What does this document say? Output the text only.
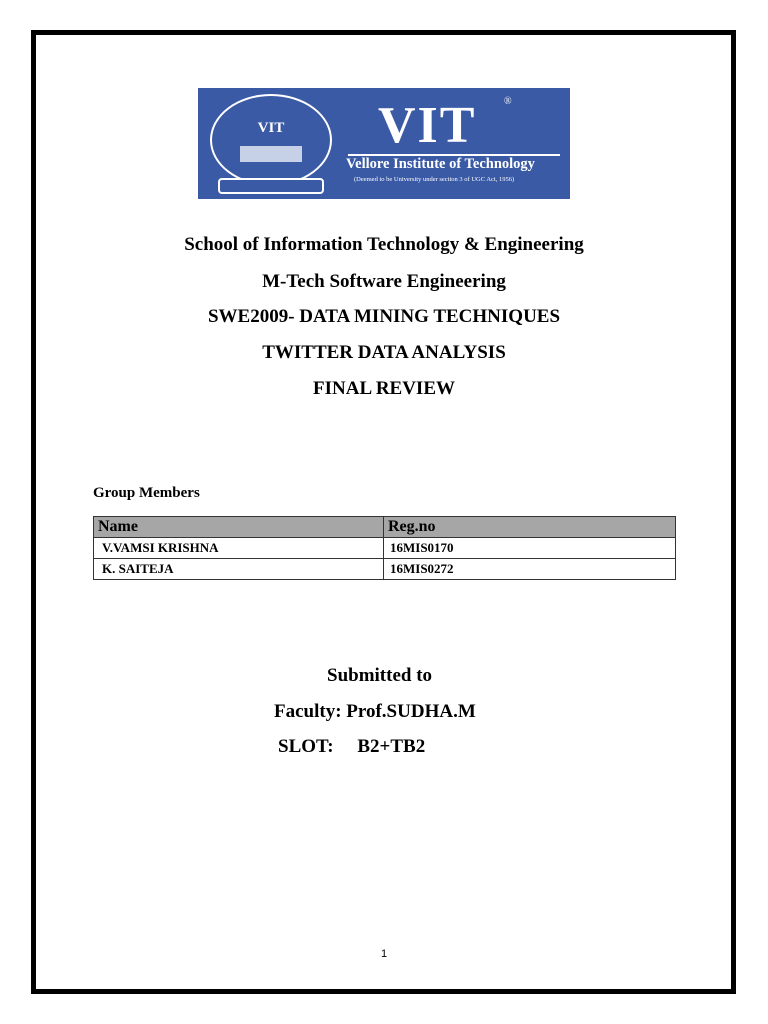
VIT	VIT	®
Vellore Institute of Technology
(Deemed to be University under section 3 of UGC Act, 1956)
School of Information Technology & Engineering
M-Tech Software Engineering
SWE2009- DATA MINING TECHNIQUES
TWITTER DATA ANALYSIS
FINAL REVIEW
Group Members
Name	Reg.no
V.VAMSI KRISHNA	16MIS0170
K. SAITEJA	16MIS0272
Submitted to
Faculty: Prof.SUDHA.M
SLOT:     B2+TB2
1
